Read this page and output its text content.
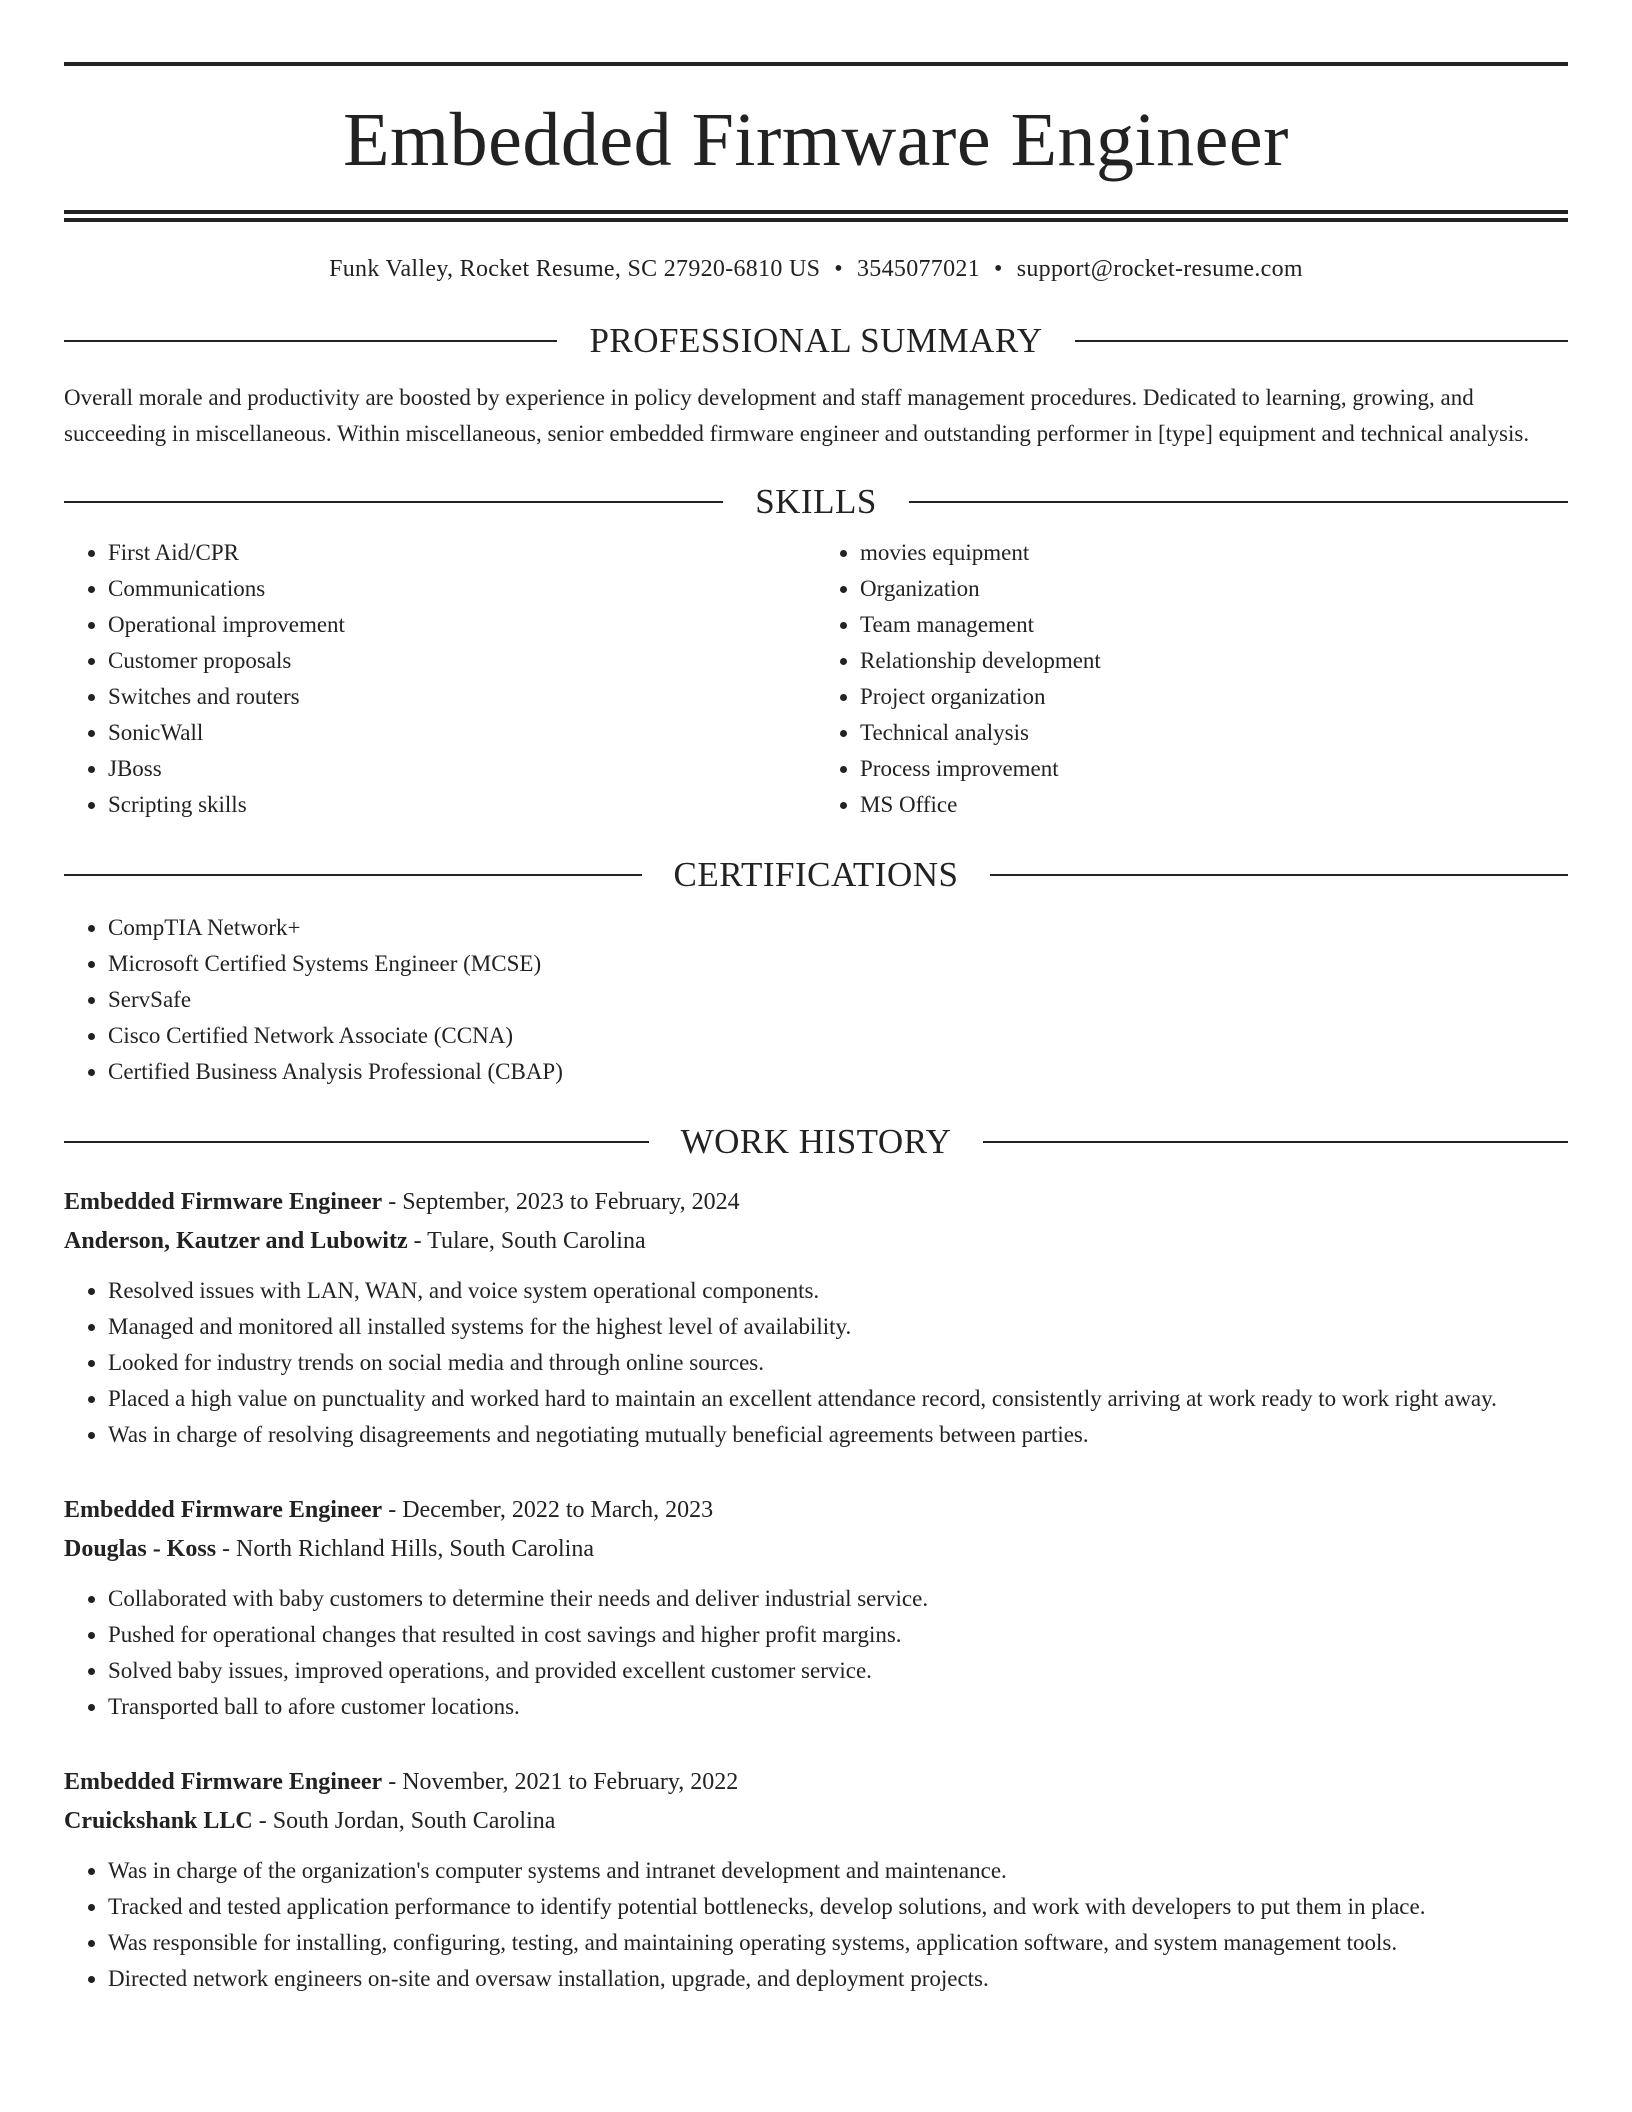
Embedded Firmware Engineer
Funk Valley, Rocket Resume, SC 27920-6810 US • 3545077021 • support@rocket-resume.com
PROFESSIONAL SUMMARY
Overall morale and productivity are boosted by experience in policy development and staff management procedures. Dedicated to learning, growing, and succeeding in miscellaneous. Within miscellaneous, senior embedded firmware engineer and outstanding performer in [type] equipment and technical analysis.
SKILLS
• First Aid/CPR
• Communications
• Operational improvement
• Customer proposals
• Switches and routers
• SonicWall
• JBoss
• Scripting skills
• movies equipment
• Organization
• Team management
• Relationship development
• Project organization
• Technical analysis
• Process improvement
• MS Office
CERTIFICATIONS
• CompTIA Network+
• Microsoft Certified Systems Engineer (MCSE)
• ServSafe
• Cisco Certified Network Associate (CCNA)
• Certified Business Analysis Professional (CBAP)
WORK HISTORY
Embedded Firmware Engineer - September, 2023 to February, 2024
Anderson, Kautzer and Lubowitz - Tulare, South Carolina
• Resolved issues with LAN, WAN, and voice system operational components.
• Managed and monitored all installed systems for the highest level of availability.
• Looked for industry trends on social media and through online sources.
• Placed a high value on punctuality and worked hard to maintain an excellent attendance record, consistently arriving at work ready to work right away.
• Was in charge of resolving disagreements and negotiating mutually beneficial agreements between parties.
Embedded Firmware Engineer - December, 2022 to March, 2023
Douglas - Koss - North Richland Hills, South Carolina
• Collaborated with baby customers to determine their needs and deliver industrial service.
• Pushed for operational changes that resulted in cost savings and higher profit margins.
• Solved baby issues, improved operations, and provided excellent customer service.
• Transported ball to afore customer locations.
Embedded Firmware Engineer - November, 2021 to February, 2022
Cruickshank LLC - South Jordan, South Carolina
• Was in charge of the organization's computer systems and intranet development and maintenance.
• Tracked and tested application performance to identify potential bottlenecks, develop solutions, and work with developers to put them in place.
• Was responsible for installing, configuring, testing, and maintaining operating systems, application software, and system management tools.
• Directed network engineers on-site and oversaw installation, upgrade, and deployment projects.
